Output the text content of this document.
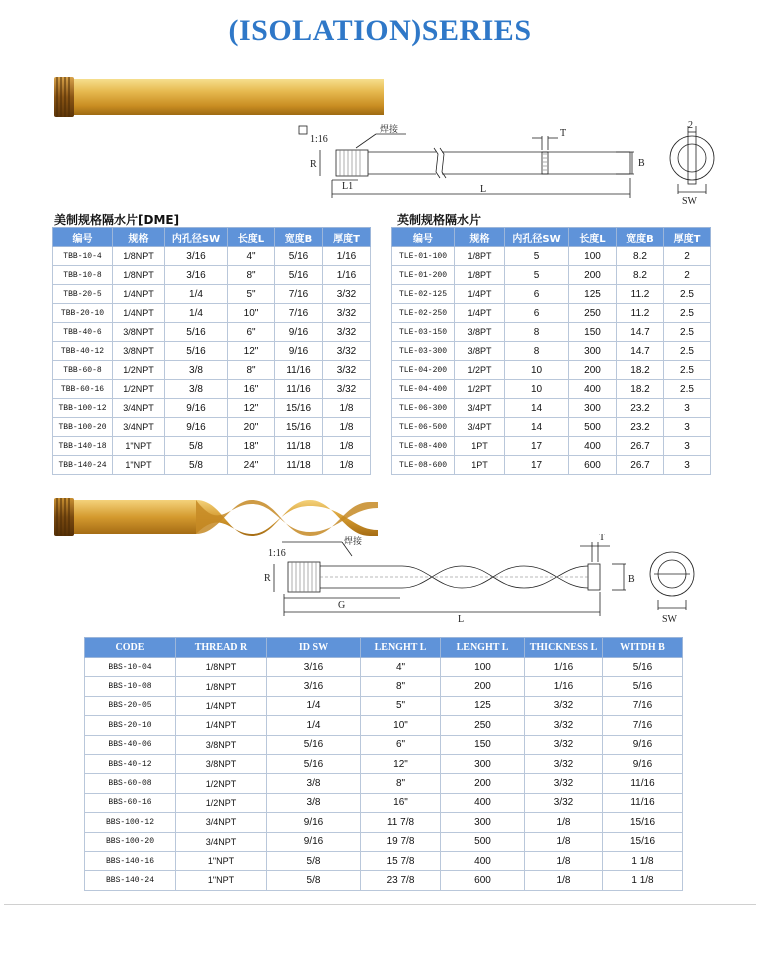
(ISOLATION)SERIES
1:16
焊接
R
L1	L
T
B
2
SW
美制规格隔水片[DME]	英制规格隔水片
编号	规格	内孔径SW	长度L	宽度B	厚度T
TBB-10-4	1/8NPT	3/16	4"	5/16	1/16
TBB-10-8	1/8NPT	3/16	8"	5/16	1/16
TBB-20-5	1/4NPT	1/4	5"	7/16	3/32
TBB-20-10	1/4NPT	1/4	10"	7/16	3/32
TBB-40-6	3/8NPT	5/16	6"	9/16	3/32
TBB-40-12	3/8NPT	5/16	12"	9/16	3/32
TBB-60-8	1/2NPT	3/8	8"	11/16	3/32
TBB-60-16	1/2NPT	3/8	16"	11/16	3/32
TBB-100-12	3/4NPT	9/16	12"	15/16	1/8
TBB-100-20	3/4NPT	9/16	20"	15/16	1/8
TBB-140-18	1"NPT	5/8	18"	11/18	1/8
TBB-140-24	1"NPT	5/8	24"	11/18	1/8
编号	规格	内孔径SW	长度L	宽度B	厚度T
TLE-01-100	1/8PT	5	100	8.2	2
TLE-01-200	1/8PT	5	200	8.2	2
TLE-02-125	1/4PT	6	125	11.2	2.5
TLE-02-250	1/4PT	6	250	11.2	2.5
TLE-03-150	3/8PT	8	150	14.7	2.5
TLE-03-300	3/8PT	8	300	14.7	2.5
TLE-04-200	1/2PT	10	200	18.2	2.5
TLE-04-400	1/2PT	10	400	18.2	2.5
TLE-06-300	3/4PT	14	300	23.2	3
TLE-06-500	3/4PT	14	500	23.2	3
TLE-08-400	1PT	17	400	26.7	3
TLE-08-600	1PT	17	600	26.7	3
1:16
焊接
R
G
L
T
B
SW
CODE	THREAD R	ID SW	LENGHT L	LENGHT L	THICKNESS L	WITDH B
BBS-10-04	1/8NPT	3/16	4"	100	1/16	5/16
BBS-10-08	1/8NPT	3/16	8"	200	1/16	5/16
BBS-20-05	1/4NPT	1/4	5"	125	3/32	7/16
BBS-20-10	1/4NPT	1/4	10"	250	3/32	7/16
BBS-40-06	3/8NPT	5/16	6"	150	3/32	9/16
BBS-40-12	3/8NPT	5/16	12"	300	3/32	9/16
BBS-60-08	1/2NPT	3/8	8"	200	3/32	11/16
BBS-60-16	1/2NPT	3/8	16"	400	3/32	11/16
BBS-100-12	3/4NPT	9/16	11 7/8	300	1/8	15/16
BBS-100-20	3/4NPT	9/16	19 7/8	500	1/8	15/16
BBS-140-16	1"NPT	5/8	15 7/8	400	1/8	1 1/8
BBS-140-24	1"NPT	5/8	23 7/8	600	1/8	1 1/8
